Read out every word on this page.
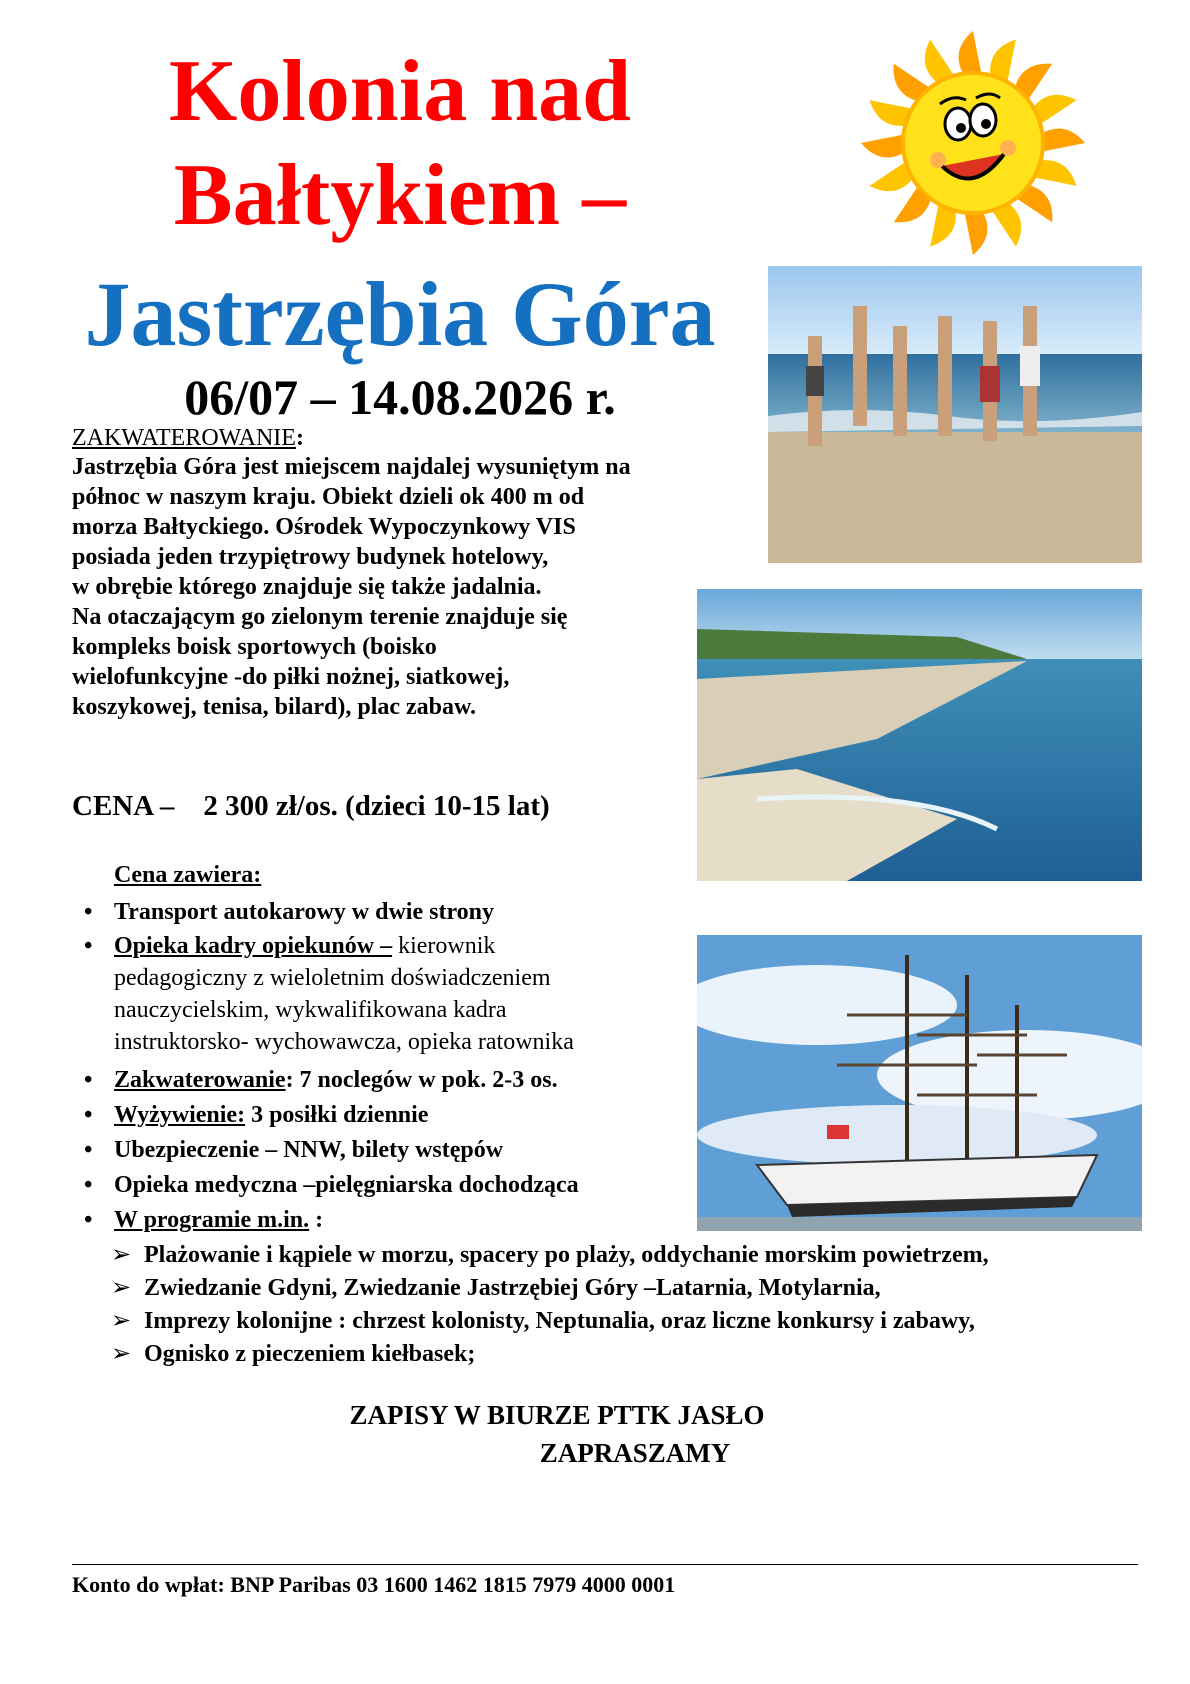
Kolonia nad
Bałtykiem –
Jastrzębia Góra
06/07 – 14.08.2026 r.
ZAKWATEROWANIE:
Jastrzębia Góra jest miejscem najdalej wysuniętym na
północ w naszym kraju. Obiekt dzieli ok 400 m od
morza Bałtyckiego. Ośrodek Wypoczynkowy VIS
posiada jeden trzypiętrowy budynek hotelowy,
w obrębie którego znajduje się także jadalnia.
Na otaczającym go zielonym terenie znajduje się
kompleks boisk sportowych (boisko
wielofunkcyjne -do piłki nożnej, siatkowej,
koszykowej, tenisa, bilard), plac zabaw.
CENA – 2 300 zł/os. (dzieci 10-15 lat)
Cena zawiera:
• Transport autokarowy w dwie strony
• Opieka kadry opiekunów – kierownik
pedagogiczny z wieloletnim doświadczeniem
nauczycielskim, wykwalifikowana kadra
instruktorsko- wychowawcza, opieka ratownika
• Zakwaterowanie: 7 noclegów w pok. 2-3 os.
• Wyżywienie: 3 posiłki dziennie
• Ubezpieczenie – NNW, bilety wstępów
• Opieka medyczna –pielęgniarska dochodząca
• W programie m.in. :
➢ Plażowanie i kąpiele w morzu, spacery po plaży, oddychanie morskim powietrzem,
➢ Zwiedzanie Gdyni, Zwiedzanie Jastrzębiej Góry –Latarnia, Motylarnia,
➢ Imprezy kolonijne : chrzest kolonisty, Neptunalia, oraz liczne konkursy i zabawy,
➢ Ognisko z pieczeniem kiełbasek;
ZAPISY W BIURZE PTTK JASŁO
ZAPRASZAMY
Konto do wpłat: BNP Paribas 03 1600 1462 1815 7979 4000 0001
